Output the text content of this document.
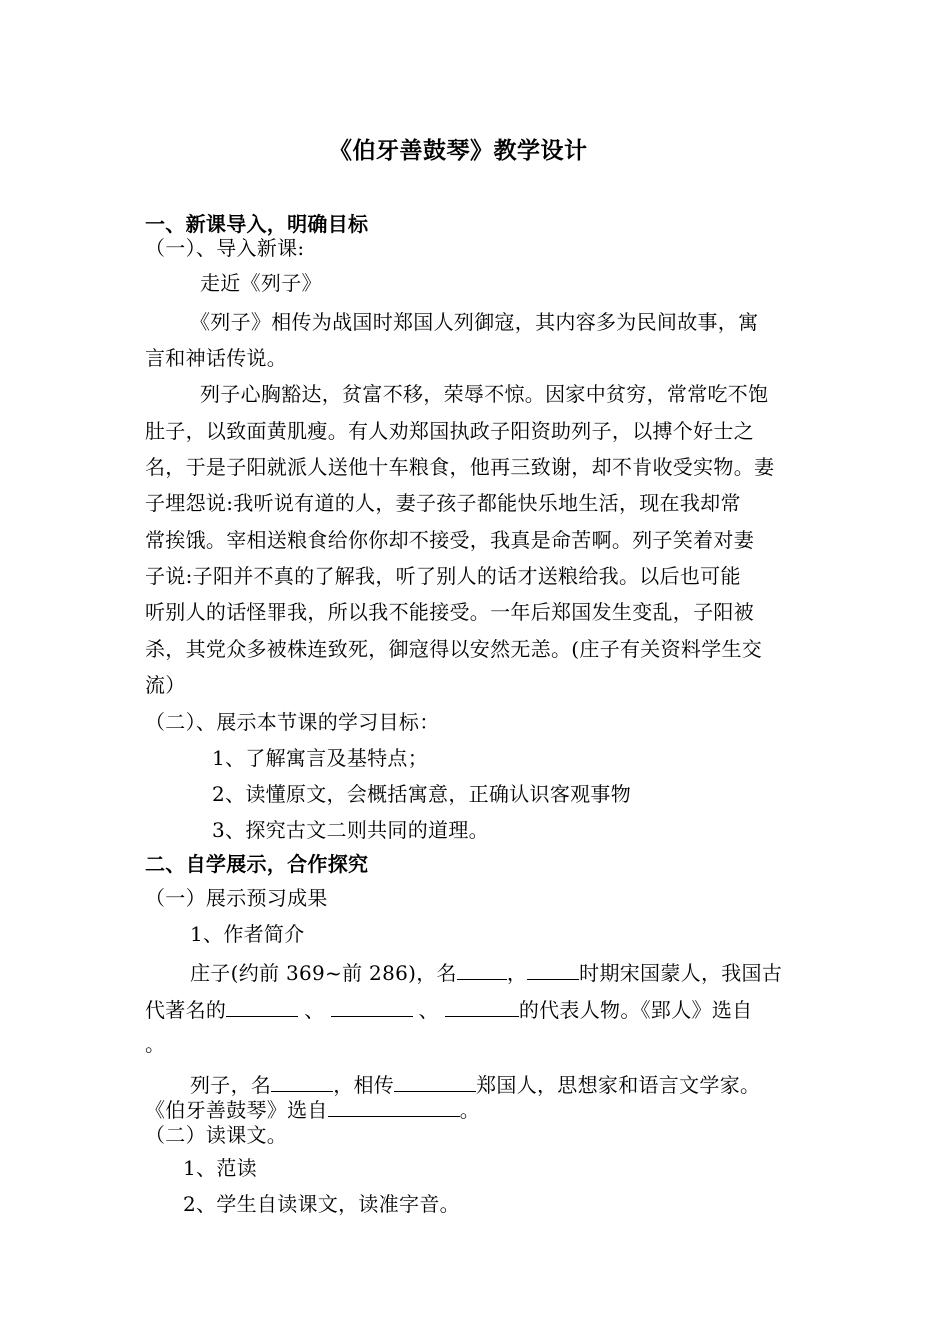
《伯牙善鼓琴》教学设计
一、新课导入，明确目标
（一）、导入新课:
走近《列子》
《列子》相传为战国时郑国人列御寇，其内容多为民间故事，寓
言和神话传说。
列子心胸豁达，贫富不移，荣辱不惊。因家中贫穷，常常吃不饱
肚子，以致面黄肌瘦。有人劝郑国执政子阳资助列子，以搏个好士之
名，于是子阳就派人送他十车粮食，他再三致谢，却不肯收受实物。妻
子埋怨说:我听说有道的人，妻子孩子都能快乐地生活，现在我却常
常挨饿。宰相送粮食给你你却不接受，我真是命苦啊。列子笑着对妻
子说:子阳并不真的了解我，听了别人的话才送粮给我。以后也可能
听别人的话怪罪我，所以我不能接受。一年后郑国发生变乱，子阳被
杀，其党众多被株连致死，御寇得以安然无恙。(庄子有关资料学生交
流）
（二）、展示本节课的学习目标：
1、了解寓言及基特点；
2、读懂原文，会概括寓意，正确认识客观事物
3、探究古文二则共同的道理。
二、自学展示，合作探究
（一）展示预习成果
1、作者简介
庄子(约前 369~前 286)，名	，	时期宋国蒙人，我国古
代著名的	、	、	的代表人物。《郢人》选自
。
列子，名	，相传	郑国人，思想家和语言文学家。
《伯牙善鼓琴》选自	。
（二）读课文。
1、范读
2、学生自读课文，读准字音。
